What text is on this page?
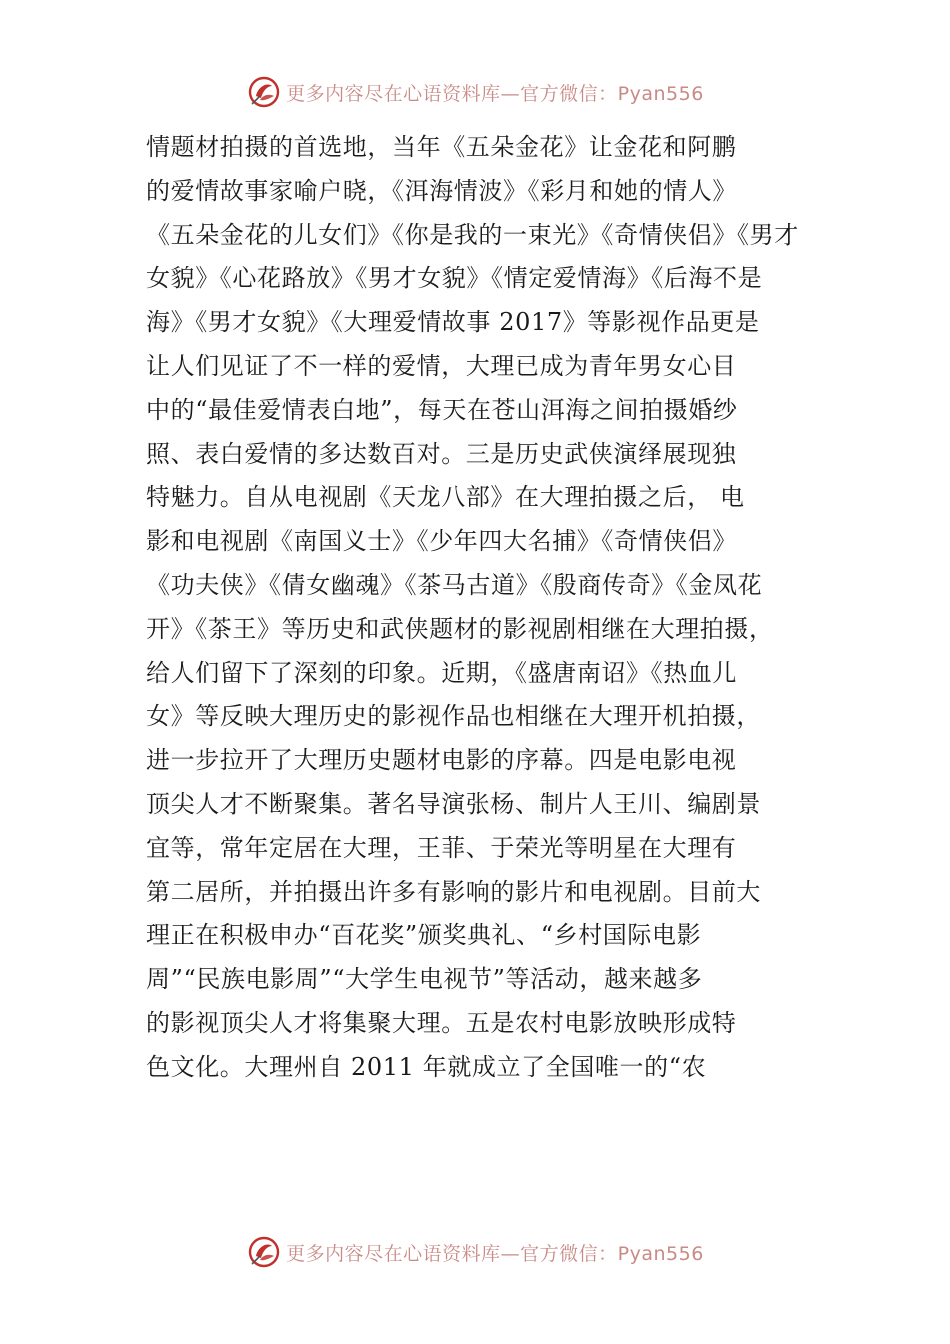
更多内容尽在心语资料库—官方微信：Pyan556
情题材拍摄的首选地，当年《五朵金花》让金花和阿鹏
的爱情故事家喻户晓，《洱海情波》《彩月和她的情人》
《五朵金花的儿女们》《你是我的一束光》《奇情侠侣》《男才
女貌》《心花路放》《男才女貌》《情定爱情海》《后海不是
海》《男才女貌》《大理爱情故事 2017》等影视作品更是
让人们见证了不一样的爱情，大理已成为青年男女心目
中的“最佳爱情表白地”，每天在苍山洱海之间拍摄婚纱
照、表白爱情的多达数百对。三是历史武侠演绎展现独
特魅力。自从电视剧《天龙八部》在大理拍摄之后， 电
影和电视剧《南国义士》《少年四大名捕》《奇情侠侣》
《功夫侠》《倩女幽魂》《茶马古道》《殷商传奇》《金凤花
开》《茶王》等历史和武侠题材的影视剧相继在大理拍摄，
给人们留下了深刻的印象。近期，《盛唐南诏》《热血儿
女》等反映大理历史的影视作品也相继在大理开机拍摄，
进一步拉开了大理历史题材电影的序幕。四是电影电视
顶尖人才不断聚集。著名导演张杨、制片人王川、编剧景
宜等，常年定居在大理，王菲、于荣光等明星在大理有
第二居所，并拍摄出许多有影响的影片和电视剧。目前大
理正在积极申办“百花奖”颁奖典礼、“乡村国际电影
周”“民族电影周”“大学生电视节”等活动，越来越多
的影视顶尖人才将集聚大理。五是农村电影放映形成特
色文化。大理州自 2011 年就成立了全国唯一的“农
更多内容尽在心语资料库—官方微信：Pyan556
